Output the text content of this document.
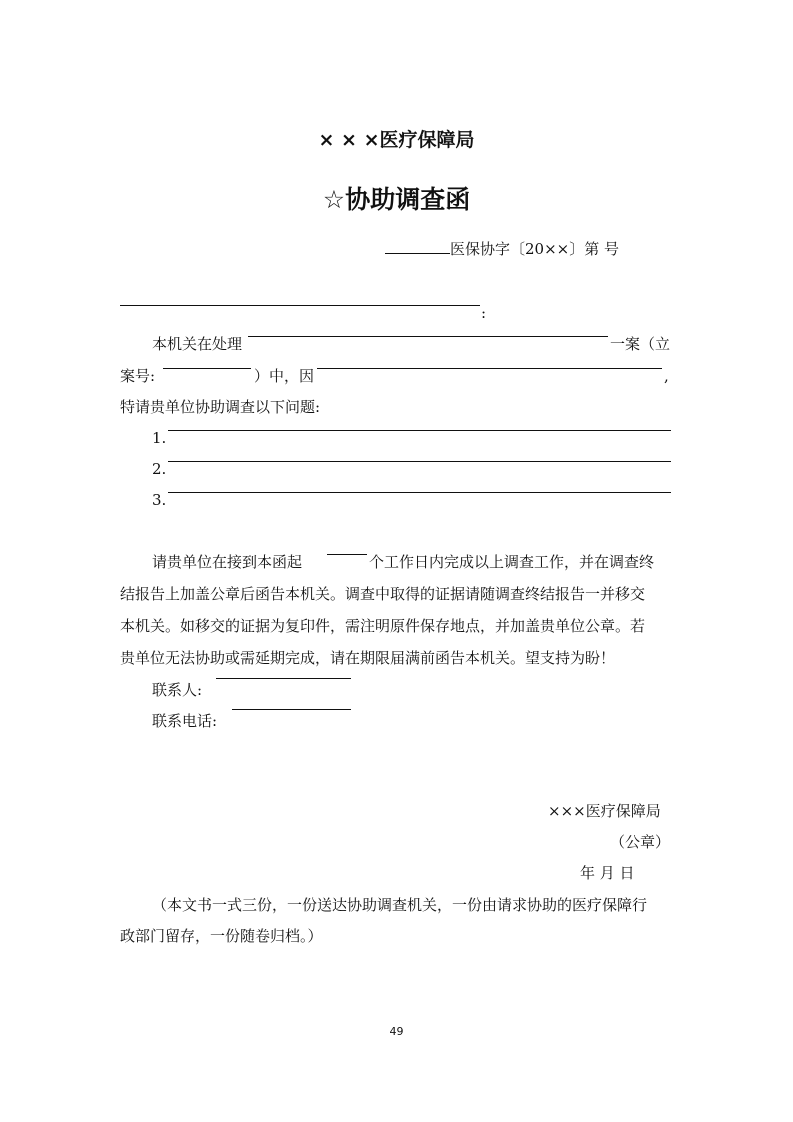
× × ×医疗保障局
☆协助调查函
医保协字〔20××〕第 号
:
本机关在处理	一案（立
案号:	）中，因	,
特请贵单位协助调查以下问题:
1.
2.
3.
请贵单位在接到本函起	个工作日内完成以上调查工作，并在调查终
结报告上加盖公章后函告本机关。调查中取得的证据请随调查终结报告一并移交
本机关。如移交的证据为复印件，需注明原件保存地点，并加盖贵单位公章。若
贵单位无法协助或需延期完成，请在期限届满前函告本机关。望支持为盼！
联系人:
联系电话:
×××医疗保障局
（公章）
年 月 日
（本文书一式三份，一份送达协助调查机关，一份由请求协助的医疗保障行
政部门留存，一份随卷归档。）
49
